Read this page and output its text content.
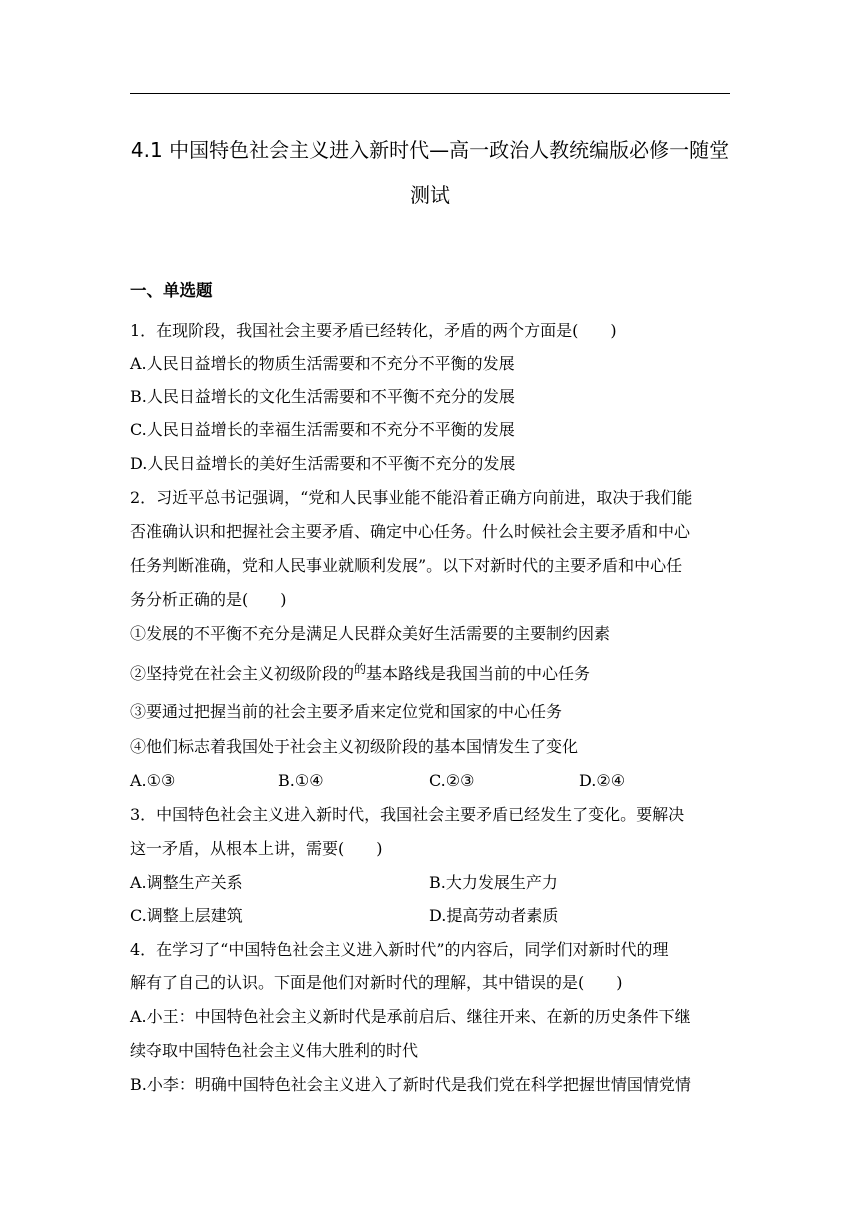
4.1 中国特色社会主义进入新时代—高一政治人教统编版必修一随堂
测试
一、单选题
1．在现阶段，我国社会主要矛盾已经转化，矛盾的两个方面是(　　)
A.人民日益增长的物质生活需要和不充分不平衡的发展
B.人民日益增长的文化生活需要和不平衡不充分的发展
C.人民日益增长的幸福生活需要和不充分不平衡的发展
D.人民日益增长的美好生活需要和不平衡不充分的发展
2．习近平总书记强调，“党和人民事业能不能沿着正确方向前进，取决于我们能
否准确认识和把握社会主要矛盾、确定中心任务。什么时候社会主要矛盾和中心
任务判断准确，党和人民事业就顺利发展”。以下对新时代的主要矛盾和中心任
务分析正确的是(　　)
①发展的不平衡不充分是满足人民群众美好生活需要的主要制约因素
②坚持党在社会主义初级阶段的$^的$基本路线是我国当前的中心任务
③要通过把握当前的社会主要矛盾来定位党和国家的中心任务
④他们标志着我国处于社会主义初级阶段的基本国情发生了变化
A.①③	B.①④	C.②③	D.②④
3．中国特色社会主义进入新时代，我国社会主要矛盾已经发生了变化。要解决
这一矛盾，从根本上讲，需要(　　)
A.调整生产关系	B.大力发展生产力
C.调整上层建筑	D.提高劳动者素质
4．在学习了“中国特色社会主义进入新时代”的内容后，同学们对新时代的理
解有了自己的认识。下面是他们对新时代的理解，其中错误的是(　　)
A.小王：中国特色社会主义新时代是承前启后、继往开来、在新的历史条件下继
续夺取中国特色社会主义伟大胜利的时代
B.小李：明确中国特色社会主义进入了新时代是我们党在科学把握世情国情党情
